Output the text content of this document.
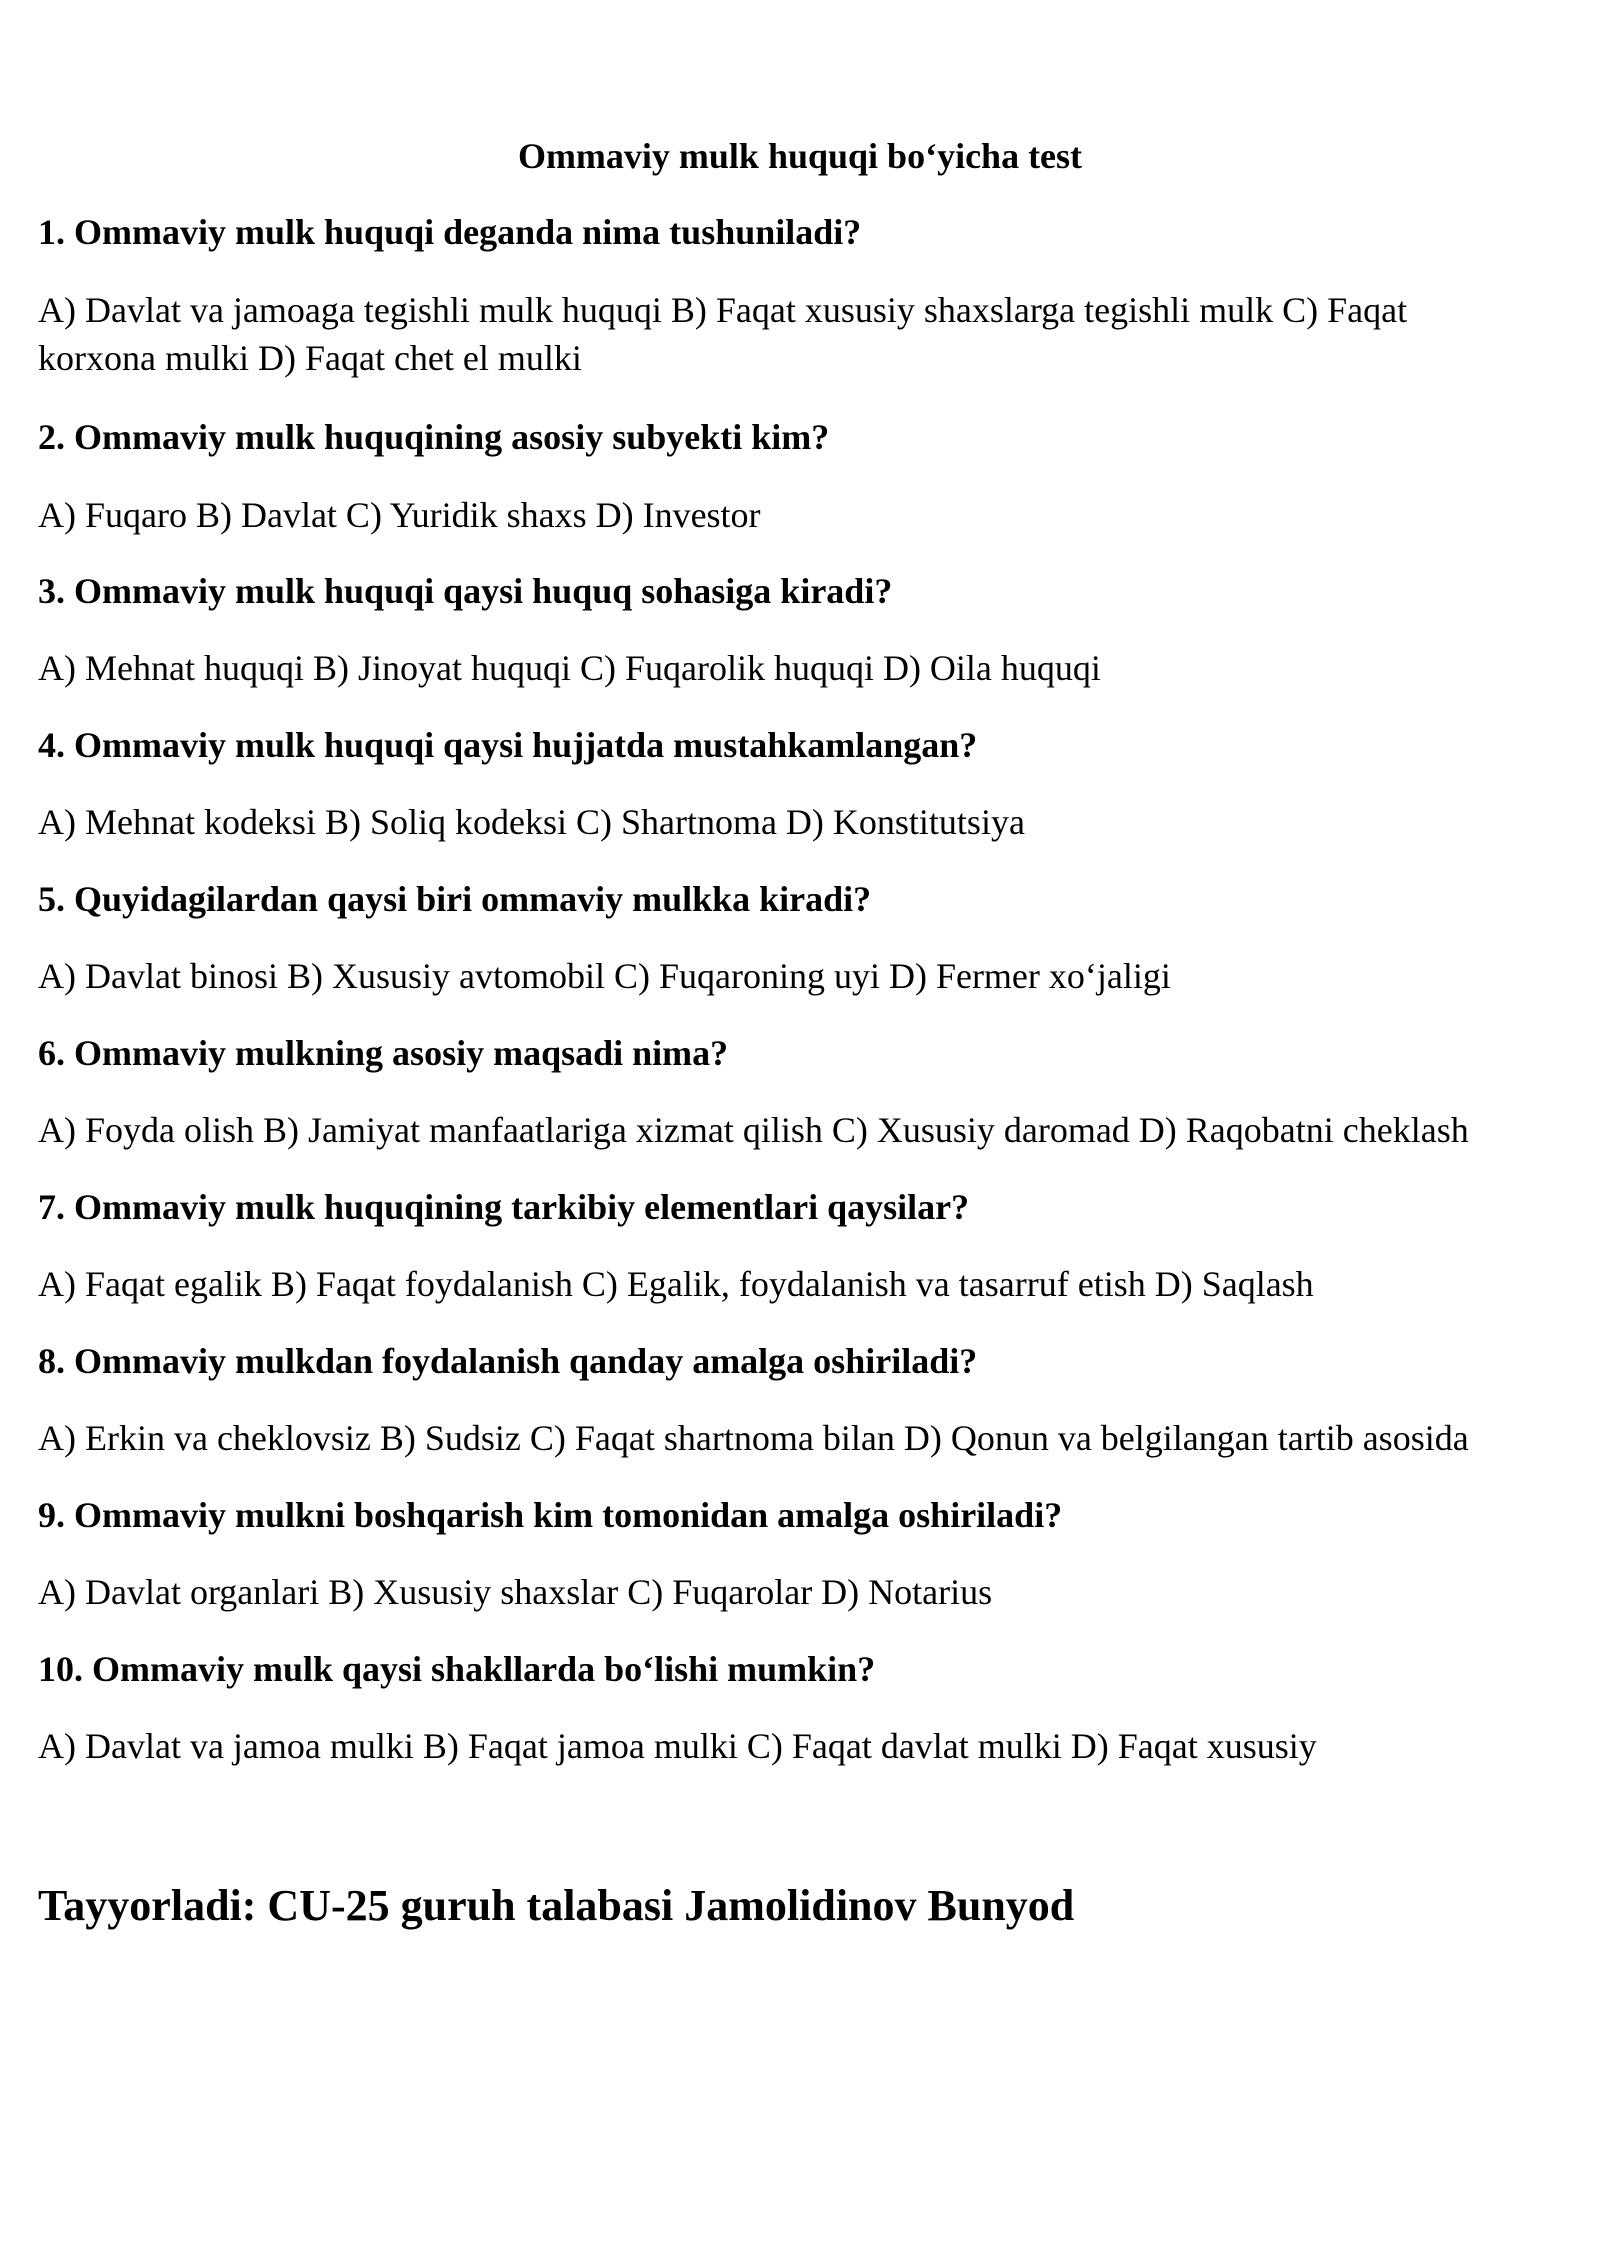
Ommaviy mulk huquqi bo‘yicha test

1. Ommaviy mulk huquqi deganda nima tushuniladi?

A) Davlat va jamoaga tegishli mulk huquqi B) Faqat xususiy shaxslarga tegishli mulk C) Faqat korxona mulki D) Faqat chet el mulki

2. Ommaviy mulk huquqining asosiy subyekti kim?

A) Fuqaro B) Davlat C) Yuridik shaxs D) Investor

3. Ommaviy mulk huquqi qaysi huquq sohasiga kiradi?

A) Mehnat huquqi B) Jinoyat huquqi C) Fuqarolik huquqi D) Oila huquqi

4. Ommaviy mulk huquqi qaysi hujjatda mustahkamlangan?

A) Mehnat kodeksi B) Soliq kodeksi C) Shartnoma D) Konstitutsiya

5. Quyidagilardan qaysi biri ommaviy mulkka kiradi?

A) Davlat binosi B) Xususiy avtomobil C) Fuqaroning uyi D) Fermer xo‘jaligi

6. Ommaviy mulkning asosiy maqsadi nima?

A) Foyda olish B) Jamiyat manfaatlariga xizmat qilish C) Xususiy daromad D) Raqobatni cheklash

7. Ommaviy mulk huquqining tarkibiy elementlari qaysilar?

A) Faqat egalik B) Faqat foydalanish C) Egalik, foydalanish va tasarruf etish D) Saqlash

8. Ommaviy mulkdan foydalanish qanday amalga oshiriladi?

A) Erkin va cheklovsiz B) Sudsiz C) Faqat shartnoma bilan D) Qonun va belgilangan tartib asosida

9. Ommaviy mulkni boshqarish kim tomonidan amalga oshiriladi?

A) Davlat organlari B) Xususiy shaxslar C) Fuqarolar D) Notarius

10. Ommaviy mulk qaysi shakllarda bo‘lishi mumkin?

A) Davlat va jamoa mulki B) Faqat jamoa mulki C) Faqat davlat mulki D) Faqat xususiy

Tayyorladi: CU-25 guruh talabasi Jamolidinov Bunyod
